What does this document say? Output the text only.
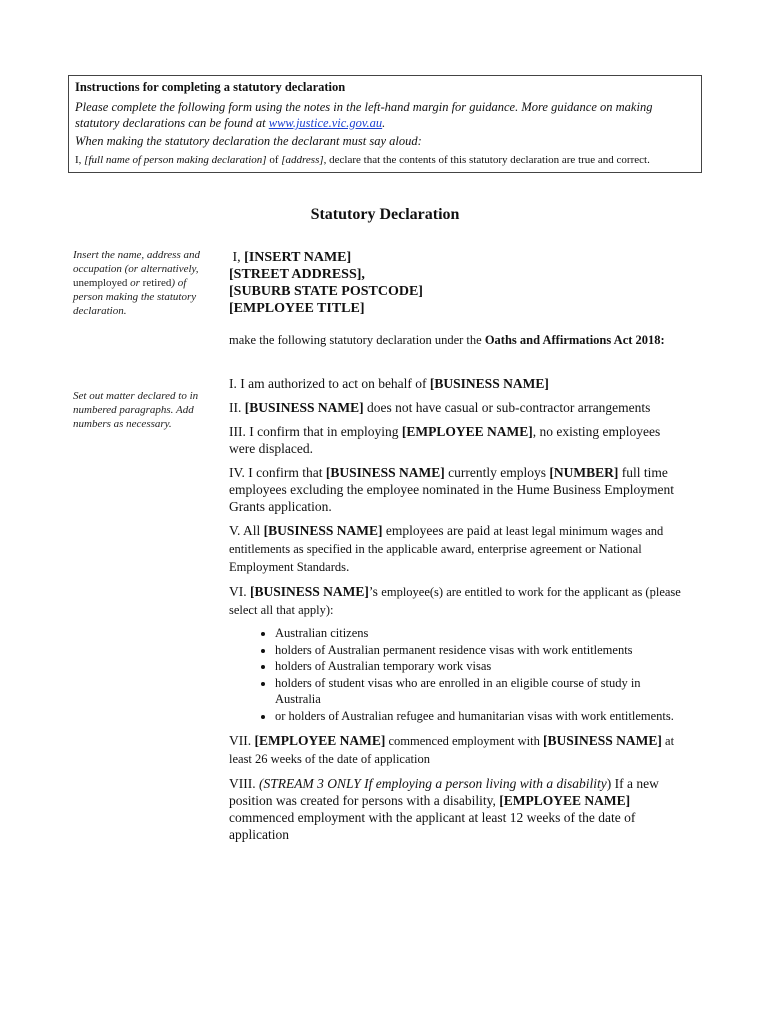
Instructions for completing a statutory declaration

Please complete the following form using the notes in the left-hand margin for guidance. More guidance on making statutory declarations can be found at www.justice.vic.gov.au.

When making the statutory declaration the declarant must say aloud:

I, [full name of person making declaration] of [address], declare that the contents of this statutory declaration are true and correct.

Statutory Declaration
Insert the name, address and occupation (or alternatively, unemployed or retired) of person making the statutory declaration.
Set out matter declared to in numbered paragraphs. Add numbers as necessary.
I, [INSERT NAME]
[STREET ADDRESS],
[SUBURB STATE POSTCODE]
[EMPLOYEE TITLE]
make the following statutory declaration under the Oaths and Affirmations Act 2018:

I. I am authorized to act on behalf of [BUSINESS NAME]

II. [BUSINESS NAME] does not have casual or sub-contractor arrangements

III. I confirm that in employing [EMPLOYEE NAME], no existing employees were displaced.

IV. I confirm that [BUSINESS NAME] currently employs [NUMBER] full time employees excluding the employee nominated in the Hume Business Employment Grants application.

V. All [BUSINESS NAME] employees are paid at least legal minimum wages and entitlements as specified in the applicable award, enterprise agreement or National Employment Standards.

VI. [BUSINESS NAME]’s employee(s) are entitled to work for the applicant as (please select all that apply):

• Australian citizens
• holders of Australian permanent residence visas with work entitlements
• holders of Australian temporary work visas
• holders of student visas who are enrolled in an eligible course of study in Australia
• or holders of Australian refugee and humanitarian visas with work entitlements.

VII. [EMPLOYEE NAME] commenced employment with [BUSINESS NAME] at least 26 weeks of the date of application

VIII. (STREAM 3 ONLY If employing a person living with a disability) If a new position was created for persons with a disability, [EMPLOYEE NAME] commenced employment with the applicant at least 12 weeks of the date of application
